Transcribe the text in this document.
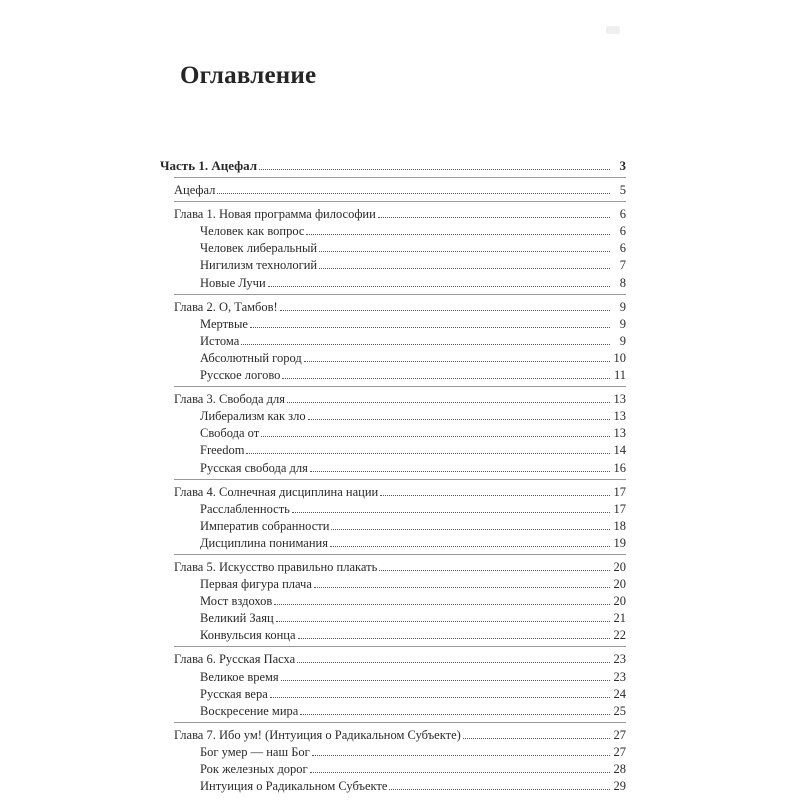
Оглавление
Часть 1. Ацефал	3
Ацефал	5
Глава 1. Новая программа философии	6
Человек как вопрос	6
Человек либеральный	6
Нигилизм технологий	7
Новые Лучи	8
Глава 2. О, Тамбов!	9
Мертвые	9
Истома	9
Абсолютный город	10
Русское логово	11
Глава 3. Свобода для	13
Либерализм как зло	13
Свобода от	13
Freedom	14
Русская свобода для	16
Глава 4. Солнечная дисциплина нации	17
Расслабленность	17
Императив собранности	18
Дисциплина понимания	19
Глава 5. Искусство правильно плакать	20
Первая фигура плача	20
Мост вздохов	20
Великий Заяц	21
Конвульсия конца	22
Глава 6. Русская Пасха	23
Великое время	23
Русская вера	24
Воскресение мира	25
Глава 7. Ибо ум! (Интуиция о Радикальном Субъекте)	27
Бог умер — наш Бог	27
Рок железных дорог	28
Интуиция о Радикальном Субъекте	29
